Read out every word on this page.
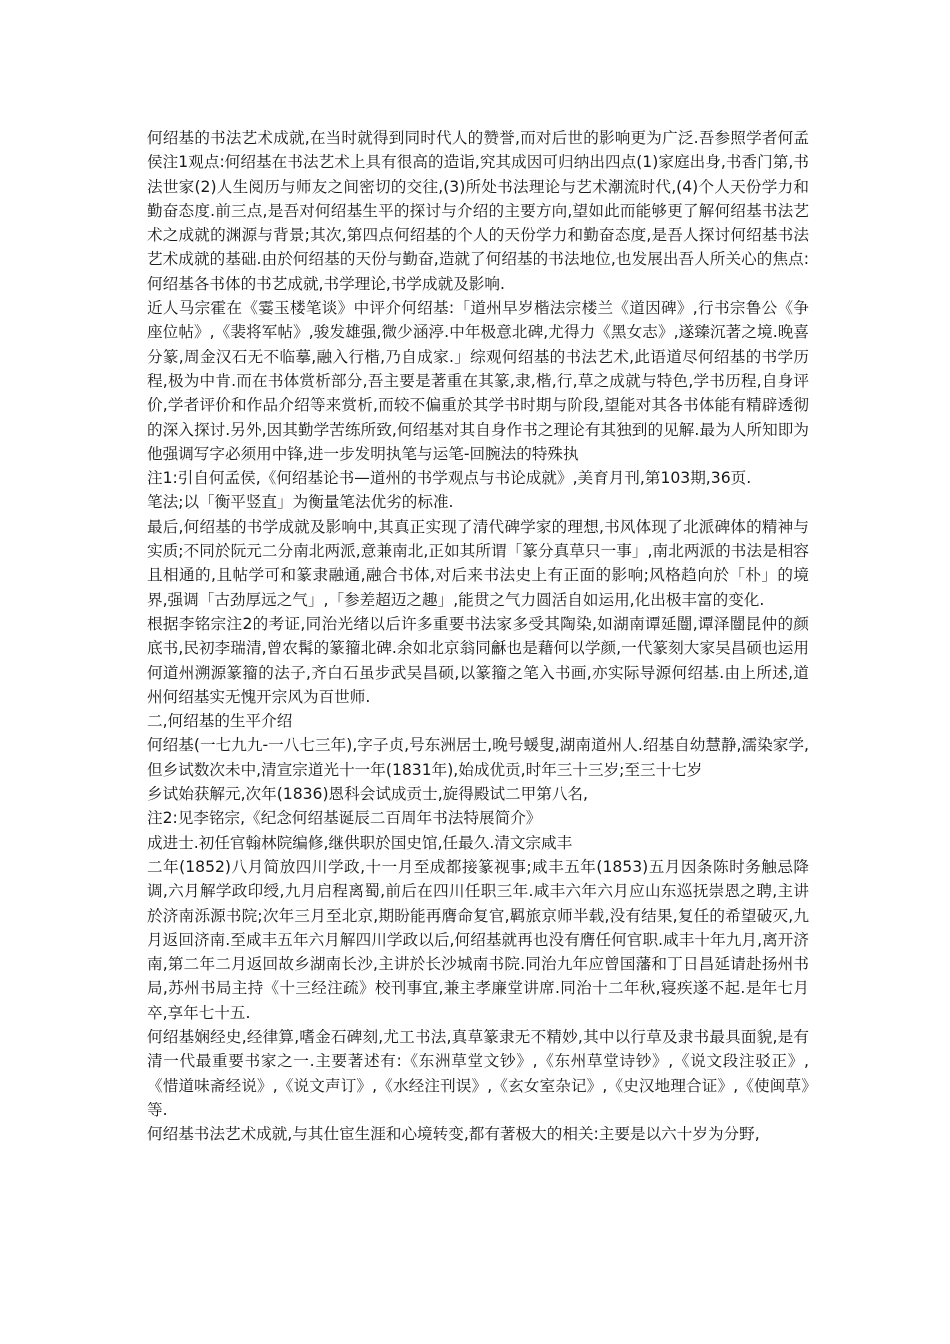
何绍基的书法艺术成就,在当时就得到同时代人的赞誉,而对后世的影响更为广泛.吾参照学者何孟侯注1观点:何绍基在书法艺术上具有很高的造诣,究其成因可归纳出四点(1)家庭出身,书香门第,书法世家(2)人生阅历与师友之间密切的交往,(3)所处书法理论与艺术潮流时代,(4)个人天份学力和勤奋态度.前三点,是吾对何绍基生平的探讨与介绍的主要方向,望如此而能够更了解何绍基书法艺术之成就的渊源与背景;其次,第四点何绍基的个人的天份学力和勤奋态度,是吾人探讨何绍基书法艺术成就的基础.由於何绍基的天份与勤奋,造就了何绍基的书法地位,也发展出吾人所关心的焦点:何绍基各书体的书艺成就,书学理论,书学成就及影响.

近人马宗霍在《霎玉楼笔谈》中评介何绍基:「道州早岁楷法宗楼兰《道因碑》,行书宗鲁公《争座位帖》,《裴将军帖》,骏发雄强,微少涵渟.中年极意北碑,尤得力《黑女志》,遂臻沉著之境.晚喜分篆,周金汉石无不临摹,融入行楷,乃自成家.」综观何绍基的书法艺术,此语道尽何绍基的书学历程,极为中肯.而在书体赏析部分,吾主要是著重在其篆,隶,楷,行,草之成就与特色,学书历程,自身评价,学者评价和作品介绍等来赏析,而较不偏重於其学书时期与阶段,望能对其各书体能有精辟透彻的深入探讨.另外,因其勤学苦练所致,何绍基对其自身作书之理论有其独到的见解.最为人所知即为他强调写字必须用中锋,进一步发明执笔与运笔-回腕法的特殊执

注1:引自何孟侯,《何绍基论书—道州的书学观点与书论成就》,美育月刊,第103期,36页.

笔法;以「衡平竖直」为衡量笔法优劣的标准.

最后,何绍基的书学成就及影响中,其真正实现了清代碑学家的理想,书风体现了北派碑体的精神与实质;不同於阮元二分南北两派,意兼南北,正如其所谓「篆分真草只一事」,南北两派的书法是相容且相通的,且帖学可和篆隶融通,融合书体,对后来书法史上有正面的影响;风格趋向於「朴」的境界,强调「古劲厚远之气」,「参差超迈之趣」,能贯之气力圆活自如运用,化出极丰富的变化.

根据李铭宗注2的考证,同治光绪以后许多重要书法家多受其陶染,如湖南谭延闓,谭泽闓昆仲的颜底书,民初李瑞清,曾农髯的篆籀北碑.余如北京翁同龢也是藉何以学颜,一代篆刻大家吴昌硕也运用何道州溯源篆籀的法子,齐白石虽步武吴昌硕,以篆籀之笔入书画,亦实际导源何绍基.由上所述,道州何绍基实无愧开宗风为百世师.

二,何绍基的生平介绍

何绍基(一七九九-一八七三年),字子贞,号东洲居士,晚号蝯叟,湖南道州人.绍基自幼慧静,濡染家学,但乡试数次未中,清宣宗道光十一年(1831年),始成优贡,时年三十三岁;至三十七岁

乡试始获解元,次年(1836)恩科会试成贡士,旋得殿试二甲第八名,

注2:见李铭宗,《纪念何绍基诞辰二百周年书法特展简介》

成进士.初任官翰林院编修,继供职於国史馆,任最久.清文宗咸丰

二年(1852)八月简放四川学政,十一月至成都接篆视事;咸丰五年(1853)五月因条陈时务触忌降调,六月解学政印绶,九月启程离蜀,前后在四川任职三年.咸丰六年六月应山东巡抚崇恩之聘,主讲於济南泺源书院;次年三月至北京,期盼能再膺命复官,羁旅京师半载,没有结果,复任的希望破灭,九月返回济南.至咸丰五年六月解四川学政以后,何绍基就再也没有膺任何官职.咸丰十年九月,离开济南,第二年二月返回故乡湖南长沙,主讲於长沙城南书院.同治九年应曾国藩和丁日昌延请赴扬州书局,苏州书局主持《十三经注疏》校刊事宜,兼主孝廉堂讲席.同治十二年秋,寝疾遂不起.是年七月卒,享年七十五.

何绍基娴经史,经律算,嗜金石碑刻,尤工书法,真草篆隶无不精妙,其中以行草及隶书最具面貌,是有清一代最重要书家之一.主要著述有:《东洲草堂文钞》,《东州草堂诗钞》,《说文段注驳正》,《惜道味斋经说》,《说文声订》,《水经注刊误》,《玄女室杂记》,《史汉地理合证》,《使闽草》等.

何绍基书法艺术成就,与其仕宦生涯和心境转变,都有著极大的相关:主要是以六十岁为分野,
